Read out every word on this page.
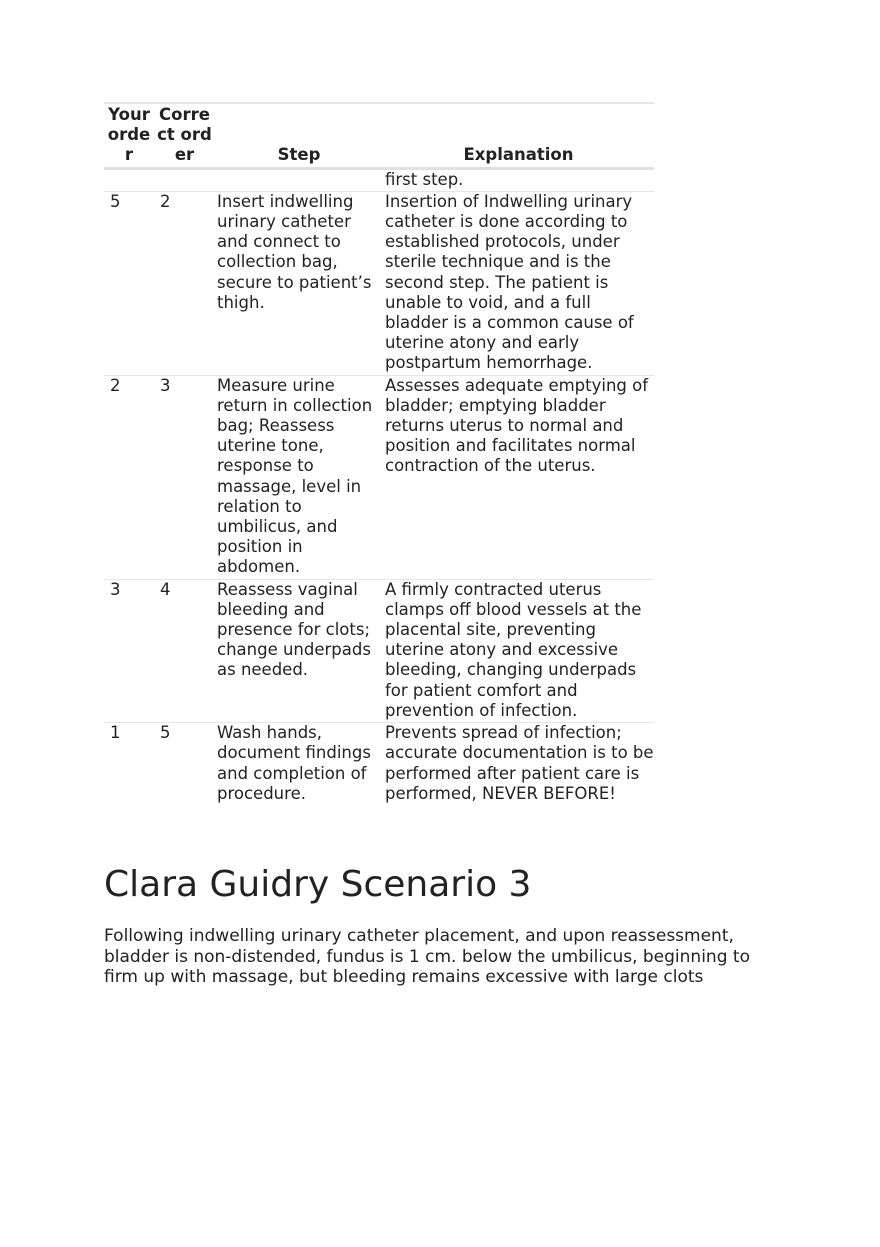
Your order	Correct order	Step	Explanation
			first step.
5	2	Insert indwelling urinary catheter and connect to collection bag, secure to patient’s thigh.	Insertion of Indwelling urinary catheter is done according to established protocols, under sterile technique and is the second step. The patient is unable to void, and a full bladder is a common cause of uterine atony and early postpartum hemorrhage.
2	3	Measure urine return in collection bag; Reassess uterine tone, response to massage, level in relation to umbilicus, and position in abdomen.	Assesses adequate emptying of bladder; emptying bladder returns uterus to normal and position and facilitates normal contraction of the uterus.
3	4	Reassess vaginal bleeding and presence for clots; change underpads as needed.	A firmly contracted uterus clamps off blood vessels at the placental site, preventing uterine atony and excessive bleeding, changing underpads for patient comfort and prevention of infection.
1	5	Wash hands, document findings and completion of procedure.	Prevents spread of infection; accurate documentation is to be performed after patient care is performed, NEVER BEFORE!
Clara Guidry Scenario 3

Following indwelling urinary catheter placement, and upon reassessment, bladder is non-distended, fundus is 1 cm. below the umbilicus, beginning to firm up with massage, but bleeding remains excessive with large clots
